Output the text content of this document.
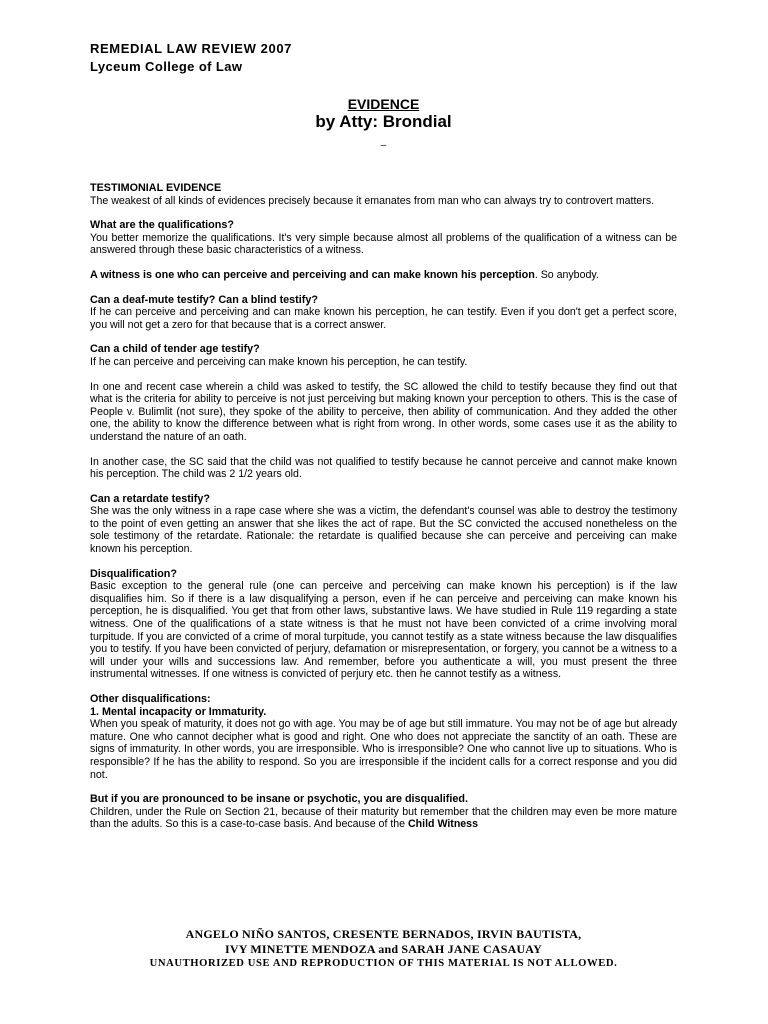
REMEDIAL LAW REVIEW 2007
Lyceum College of Law
EVIDENCE
by Atty: Brondial
–

TESTIMONIAL EVIDENCE
The weakest of all kinds of evidences precisely because it emanates from man who can always try to controvert matters.

What are the qualifications?
You better memorize the qualifications. It's very simple because almost all problems of the qualification of a witness can be answered through these basic characteristics of a witness.

A witness is one who can perceive and perceiving and can make known his perception. So anybody.

Can a deaf-mute testify? Can a blind testify?
If he can perceive and perceiving and can make known his perception, he can testify. Even if you don't get a perfect score, you will not get a zero for that because that is a correct answer.

Can a child of tender age testify?
If he can perceive and perceiving can make known his perception, he can testify.

In one and recent case wherein a child was asked to testify, the SC allowed the child to testify because they find out that what is the criteria for ability to perceive is not just perceiving but making known your perception to others. This is the case of People v. Bulimlit (not sure), they spoke of the ability to perceive, then ability of communication. And they added the other one, the ability to know the difference between what is right from wrong. In other words, some cases use it as the ability to understand the nature of an oath.

In another case, the SC said that the child was not qualified to testify because he cannot perceive and cannot make known his perception. The child was 2 1/2 years old.

Can a retardate testify?
She was the only witness in a rape case where she was a victim, the defendant's counsel was able to destroy the testimony to the point of even getting an answer that she likes the act of rape. But the SC convicted the accused nonetheless on the sole testimony of the retardate. Rationale: the retardate is qualified because she can perceive and perceiving can make known his perception.

Disqualification?
Basic exception to the general rule (one can perceive and perceiving can make known his perception) is if the law disqualifies him. So if there is a law disqualifying a person, even if he can perceive and perceiving can make known his perception, he is disqualified. You get that from other laws, substantive laws. We have studied in Rule 119 regarding a state witness. One of the qualifications of a state witness is that he must not have been convicted of a crime involving moral turpitude. If you are convicted of a crime of moral turpitude, you cannot testify as a state witness because the law disqualifies you to testify. If you have been convicted of perjury, defamation or misrepresentation, or forgery, you cannot be a witness to a will under your wills and successions law. And remember, before you authenticate a will, you must present the three instrumental witnesses. If one witness is convicted of perjury etc. then he cannot testify as a witness.

Other disqualifications:
1. Mental incapacity or Immaturity.
When you speak of maturity, it does not go with age. You may be of age but still immature. You may not be of age but already mature. One who cannot decipher what is good and right. One who does not appreciate the sanctity of an oath. These are signs of immaturity. In other words, you are irresponsible. Who is irresponsible? One who cannot live up to situations. Who is responsible? If he has the ability to respond. So you are irresponsible if the incident calls for a correct response and you did not.

But if you are pronounced to be insane or psychotic, you are disqualified.
Children, under the Rule on Section 21, because of their maturity but remember that the children may even be more mature than the adults. So this is a case-to-case basis. And because of the Child Witness

ANGELO NIÑO SANTOS, CRESENTE BERNADOS, IRVIN BAUTISTA,
IVY MINETTE MENDOZA and SARAH JANE CASAUAY
UNAUTHORIZED USE AND REPRODUCTION OF THIS MATERIAL IS NOT ALLOWED.
